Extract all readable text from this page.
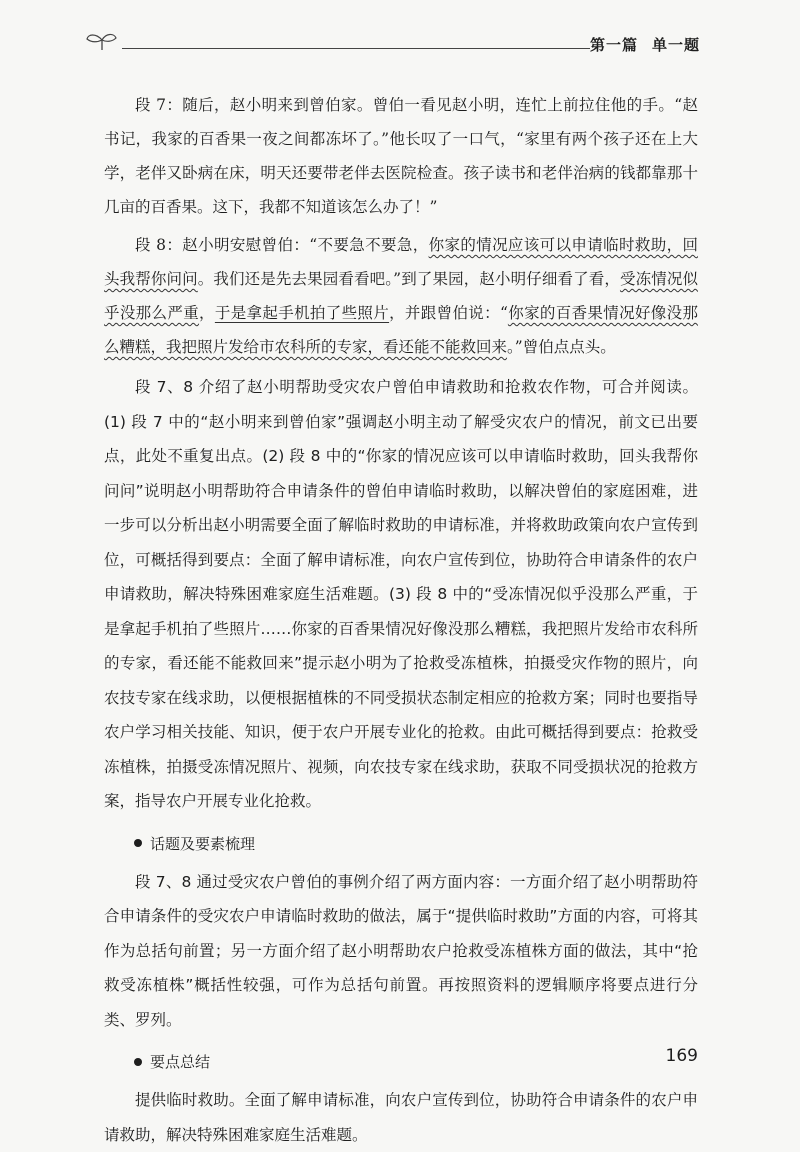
第一篇 单一题

段 7：随后，赵小明来到曾伯家。曾伯一看见赵小明，连忙上前拉住他的手。“赵书记，我家的百香果一夜之间都冻坏了。”他长叹了一口气，“家里有两个孩子还在上大学，老伴又卧病在床，明天还要带老伴去医院检查。孩子读书和老伴治病的钱都靠那十几亩的百香果。这下，我都不知道该怎么办了！”

段 8：赵小明安慰曾伯：“不要急不要急，你家的情况应该可以申请临时救助，回头我帮你问问。我们还是先去果园看看吧。”到了果园，赵小明仔细看了看，受冻情况似乎没那么严重，于是拿起手机拍了些照片，并跟曾伯说：“你家的百香果情况好像没那么糟糕，我把照片发给市农科所的专家，看还能不能救回来。”曾伯点点头。

段 7、8 介绍了赵小明帮助受灾农户曾伯申请救助和抢救农作物，可合并阅读。(1) 段 7 中的“赵小明来到曾伯家”强调赵小明主动了解受灾农户的情况，前文已出要点，此处不重复出点。(2) 段 8 中的“你家的情况应该可以申请临时救助，回头我帮你问问”说明赵小明帮助符合申请条件的曾伯申请临时救助，以解决曾伯的家庭困难，进一步可以分析出赵小明需要全面了解临时救助的申请标准，并将救助政策向农户宣传到位，可概括得到要点：全面了解申请标准，向农户宣传到位，协助符合申请条件的农户申请救助，解决特殊困难家庭生活难题。(3) 段 8 中的“受冻情况似乎没那么严重，于是拿起手机拍了些照片……你家的百香果情况好像没那么糟糕，我把照片发给市农科所的专家，看还能不能救回来”提示赵小明为了抢救受冻植株，拍摄受灾作物的照片，向农技专家在线求助，以便根据植株的不同受损状态制定相应的抢救方案；同时也要指导农户学习相关技能、知识，便于农户开展专业化的抢救。由此可概括得到要点：抢救受冻植株，拍摄受冻情况照片、视频，向农技专家在线求助，获取不同受损状况的抢救方案，指导农户开展专业化抢救。

话题及要素梳理

段 7、8 通过受灾农户曾伯的事例介绍了两方面内容：一方面介绍了赵小明帮助符合申请条件的受灾农户申请临时救助的做法，属于“提供临时救助”方面的内容，可将其作为总括句前置；另一方面介绍了赵小明帮助农户抢救受冻植株方面的做法，其中“抢救受冻植株”概括性较强，可作为总括句前置。再按照资料的逻辑顺序将要点进行分类、罗列。

要点总结

提供临时救助。全面了解申请标准，向农户宣传到位，协助符合申请条件的农户申请救助，解决特殊困难家庭生活难题。

169
